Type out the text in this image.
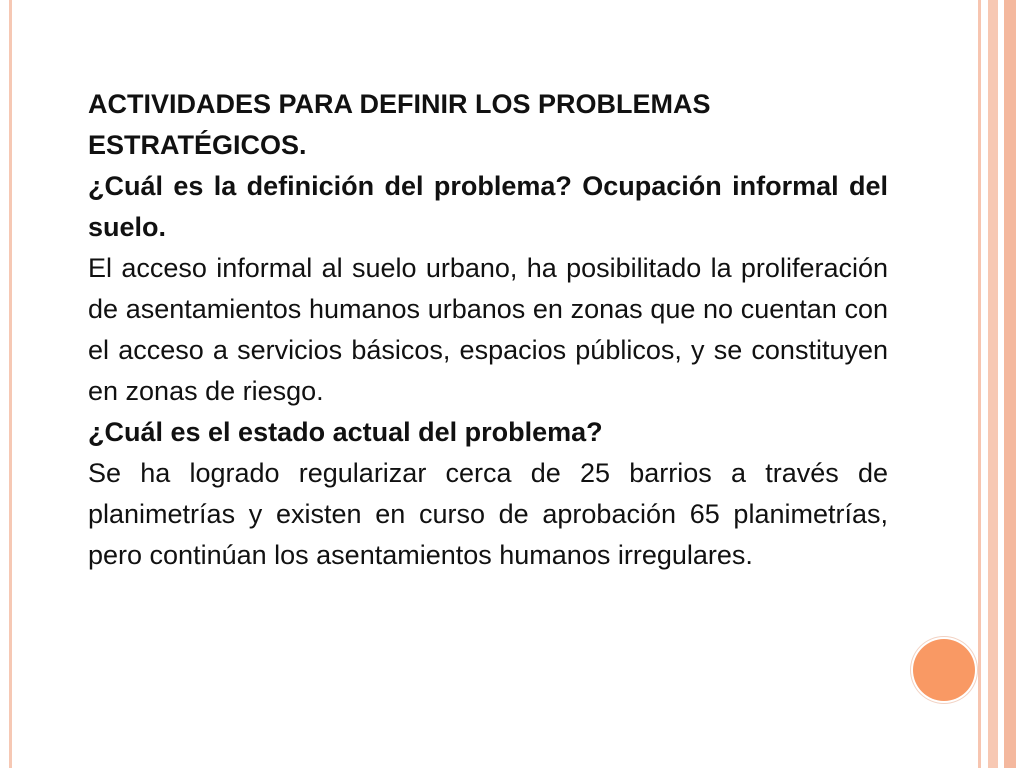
ACTIVIDADES PARA DEFINIR LOS PROBLEMAS ESTRATÉGICOS.

¿Cuál es la definición del problema? Ocupación informal del suelo.

El acceso informal al suelo urbano, ha posibilitado la proliferación de asentamientos humanos urbanos en zonas que no cuentan con el acceso a servicios básicos, espacios públicos, y se constituyen en zonas de riesgo.

¿Cuál es el estado actual del problema?

Se ha logrado regularizar cerca de 25 barrios a través de planimetrías y existen en curso de aprobación 65 planimetrías, pero continúan los asentamientos humanos irregulares.
